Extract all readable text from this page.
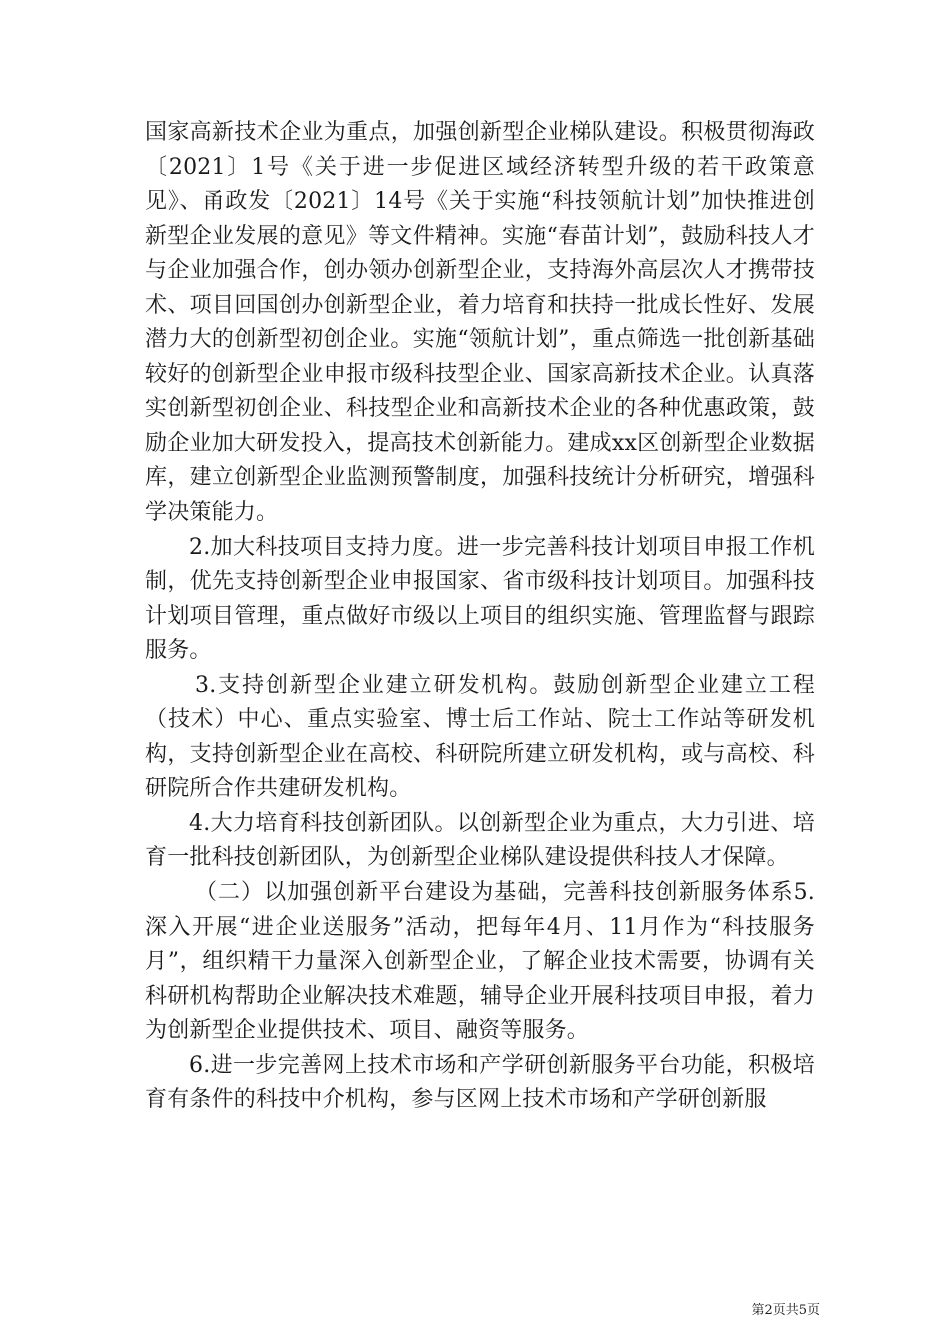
国家高新技术企业为重点，加强创新型企业梯队建设。积极贯彻海政〔2021〕1号《关于进一步促进区域经济转型升级的若干政策意见》、甬政发〔2021〕14号《关于实施“科技领航计划”加快推进创新型企业发展的意见》等文件精神。实施“春苗计划”，鼓励科技人才与企业加强合作，创办领办创新型企业，支持海外高层次人才携带技术、项目回国创办创新型企业，着力培育和扶持一批成长性好、发展潜力大的创新型初创企业。实施“领航计划”，重点筛选一批创新基础较好的创新型企业申报市级科技型企业、国家高新技术企业。认真落实创新型初创企业、科技型企业和高新技术企业的各种优惠政策，鼓励企业加大研发投入，提高技术创新能力。建成xx区创新型企业数据库，建立创新型企业监测预警制度，加强科技统计分析研究，增强科学决策能力。

2.加大科技项目支持力度。进一步完善科技计划项目申报工作机制，优先支持创新型企业申报国家、省市级科技计划项目。加强科技计划项目管理，重点做好市级以上项目的组织实施、管理监督与跟踪服务。

3.支持创新型企业建立研发机构。鼓励创新型企业建立工程（技术）中心、重点实验室、博士后工作站、院士工作站等研发机构，支持创新型企业在高校、科研院所建立研发机构，或与高校、科研院所合作共建研发机构。

4.大力培育科技创新团队。以创新型企业为重点，大力引进、培育一批科技创新团队，为创新型企业梯队建设提供科技人才保障。

（二）以加强创新平台建设为基础，完善科技创新服务体系5.深入开展“进企业送服务”活动，把每年4月、11月作为“科技服务月”，组织精干力量深入创新型企业，了解企业技术需要，协调有关科研机构帮助企业解决技术难题，辅导企业开展科技项目申报，着力为创新型企业提供技术、项目、融资等服务。

6.进一步完善网上技术市场和产学研创新服务平台功能，积极培育有条件的科技中介机构，参与区网上技术市场和产学研创新服

第2页共5页
